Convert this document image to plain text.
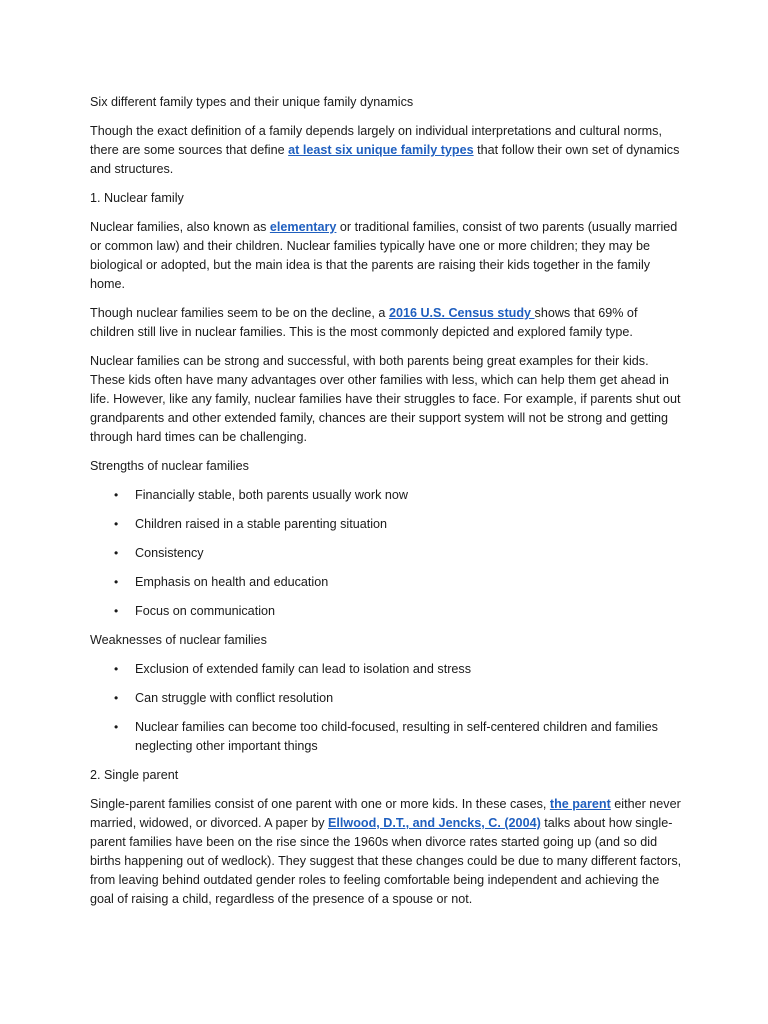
Six different family types and their unique family dynamics

Though the exact definition of a family depends largely on individual interpretations and cultural norms, there are some sources that define at least six unique family types that follow their own set of dynamics and structures.

1. Nuclear family

Nuclear families, also known as elementary or traditional families, consist of two parents (usually married or common law) and their children. Nuclear families typically have one or more children; they may be biological or adopted, but the main idea is that the parents are raising their kids together in the family home.

Though nuclear families seem to be on the decline, a 2016 U.S. Census study shows that 69% of children still live in nuclear families. This is the most commonly depicted and explored family type.

Nuclear families can be strong and successful, with both parents being great examples for their kids. These kids often have many advantages over other families with less, which can help them get ahead in life. However, like any family, nuclear families have their struggles to face. For example, if parents shut out grandparents and other extended family, chances are their support system will not be strong and getting through hard times can be challenging.

Strengths of nuclear families

• Financially stable, both parents usually work now
• Children raised in a stable parenting situation
• Consistency
• Emphasis on health and education
• Focus on communication

Weaknesses of nuclear families

• Exclusion of extended family can lead to isolation and stress
• Can struggle with conflict resolution
• Nuclear families can become too child-focused, resulting in self-centered children and families neglecting other important things

2. Single parent

Single-parent families consist of one parent with one or more kids. In these cases, the parent either never married, widowed, or divorced. A paper by Ellwood, D.T., and Jencks, C. (2004) talks about how single-parent families have been on the rise since the 1960s when divorce rates started going up (and so did births happening out of wedlock). They suggest that these changes could be due to many different factors, from leaving behind outdated gender roles to feeling comfortable being independent and achieving the goal of raising a child, regardless of the presence of a spouse or not.
